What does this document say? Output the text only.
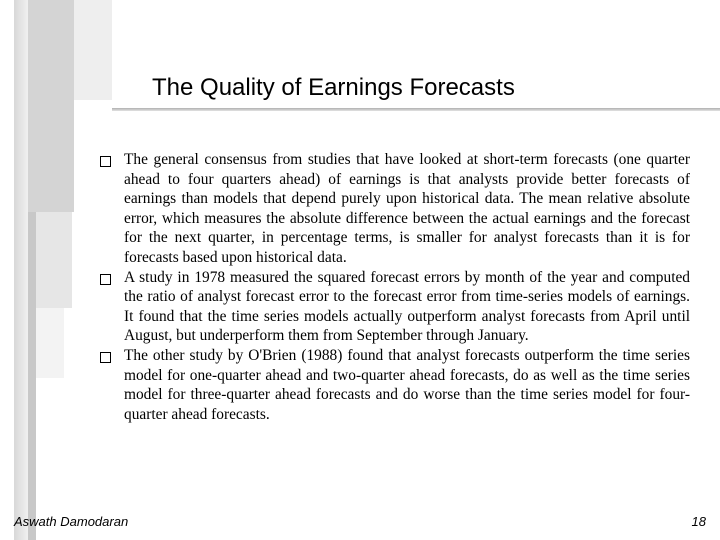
The Quality of Earnings Forecasts
The general consensus from studies that have looked at short-term forecasts (one quarter ahead to four quarters ahead) of earnings is that analysts provide better forecasts of earnings than models that depend purely upon historical data. The mean relative absolute error, which measures the absolute difference between the actual earnings and the forecast for the next quarter, in percentage terms, is smaller for analyst forecasts than it is for forecasts based upon historical data.
A study in 1978 measured the squared forecast errors by month of the year and computed the ratio of analyst forecast error to the forecast error from time-series models of earnings. It found that the time series models actually outperform analyst forecasts from April until August, but underperform them from September through January.
The other study by O'Brien (1988) found that analyst forecasts outperform the time series model for one-quarter ahead and two-quarter ahead forecasts, do as well as the time series model for three-quarter ahead forecasts and do worse than the time series model for four-quarter ahead forecasts.
Aswath Damodaran	18
